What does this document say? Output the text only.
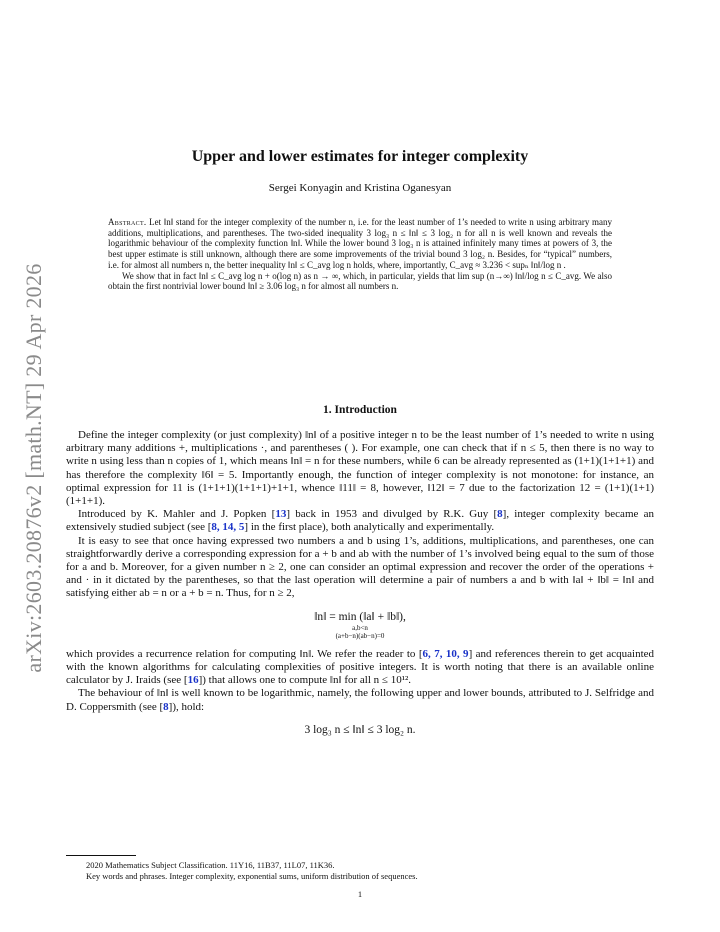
arXiv:2603.20876v2 [math.NT] 29 Apr 2026
Upper and lower estimates for integer complexity
Sergei Konyagin and Kristina Oganesyan

Abstract. Let ‖n‖ stand for the integer complexity of the number n, i.e. for the least number of 1’s needed to write n using arbitrary many additions, multiplications, and parentheses. The two-sided inequality 3 log₃ n ≤ ‖n‖ ≤ 3 log₂ n for all n is well known and reveals the logarithmic behaviour of the complexity function ‖n‖. While the lower bound 3 log₃ n is attained infinitely many times at powers of 3, the best upper estimate is still unknown, although there are some improvements of the trivial bound 3 log₂ n. Besides, for “typical” numbers, i.e. for almost all numbers n, the better inequality ‖n‖ ≤ C_avg log n holds, where, importantly, C_avg ≈ 3.236 < supₙ ‖n‖/log n .

We show that in fact ‖n‖ ≤ C_avg log n + o(log n) as n → ∞, which, in particular, yields that lim sup (n→∞) ‖n‖/log n ≤ C_avg. We also obtain the first nontrivial lower bound ‖n‖ ≥ 3.06 log₃ n for almost all numbers n.

1. Introduction

Define the integer complexity (or just complexity) ‖n‖ of a positive integer n to be the least number of 1’s needed to write n using arbitrary many additions +, multiplications ·, and parentheses ( ). For example, one can check that if n ≤ 5, then there is no way to write n using less than n copies of 1, which means ‖n‖ = n for these numbers, while 6 can be already represented as (1+1)(1+1+1) and has therefore the complexity ‖6‖ = 5. Importantly enough, the function of integer complexity is not monotone: for instance, an optimal expression for 11 is (1+1+1)(1+1+1)+1+1, whence ‖11‖ = 8, however, ‖12‖ = 7 due to the factorization 12 = (1+1)(1+1)(1+1+1).

Introduced by K. Mahler and J. Popken [13] back in 1953 and divulged by R.K. Guy [8], integer complexity became an extensively studied subject (see [8, 14, 5] in the first place), both analytically and experimentally.

It is easy to see that once having expressed two numbers a and b using 1’s, additions, multiplications, and parentheses, one can straightforwardly derive a corresponding expression for a + b and ab with the number of 1’s involved being equal to the sum of those for a and b. Moreover, for a given number n ≥ 2, one can consider an optimal expression and recover the order of the operations + and · in it dictated by the parentheses, so that the last operation will determine a pair of numbers a and b with ‖a‖ + ‖b‖ = ‖n‖ and satisfying either ab = n or a + b = n. Thus, for n ≥ 2,

‖n‖ = min (‖a‖ + ‖b‖),
a,b<n
(a+b−n)(ab−n)=0

which provides a recurrence relation for computing ‖n‖. We refer the reader to [6, 7, 10, 9] and references therein to get acquainted with the known algorithms for calculating complexities of positive integers. It is worth noting that there is an available online calculator by J. Iraids (see [16]) that allows one to compute ‖n‖ for all n ≤ 10¹².

The behaviour of ‖n‖ is well known to be logarithmic, namely, the following upper and lower bounds, attributed to J. Selfridge and D. Coppersmith (see [8]), hold:

3 log₃ n ≤ ‖n‖ ≤ 3 log₂ n.

2020 Mathematics Subject Classification. 11Y16, 11B37, 11L07, 11K36.

Key words and phrases. Integer complexity, exponential sums, uniform distribution of sequences.

1
